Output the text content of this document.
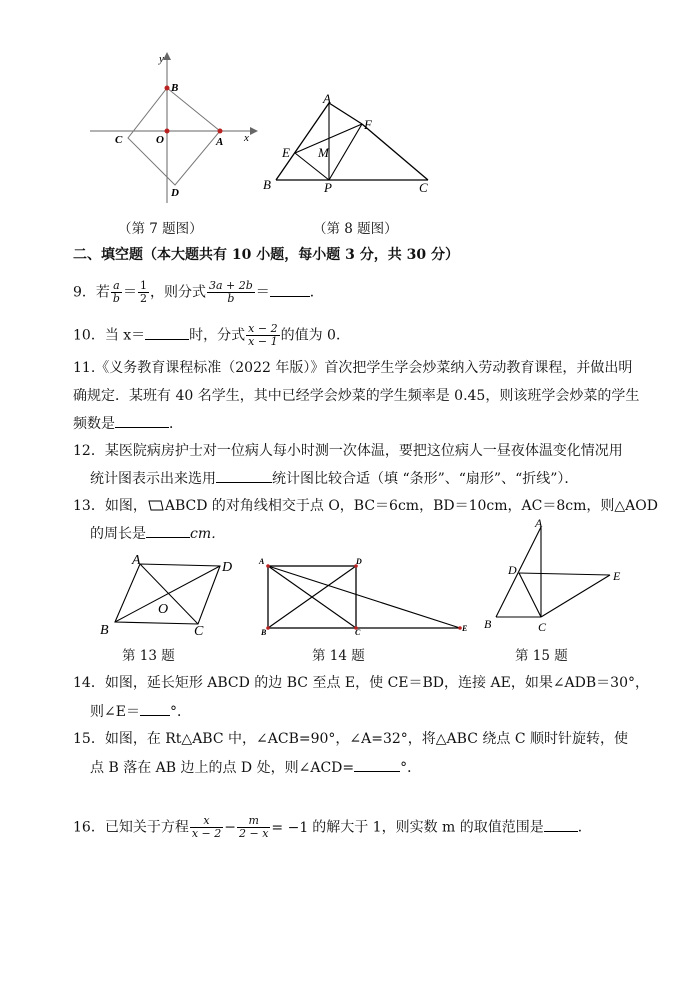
y
x
B
A
O
C
D
A
F
E M
B	P	C
（第 7 题图）	（第 8 题图）
二、填空题（本大题共有 10 小题，每小题 3 分，共 30 分）
9．若 $\frac{a}{b} = \frac{1}{2}$ ，则分式 $\frac{3a + 2b}{b}$ ＝	．
10．当 x＝	时，分式 $\frac{x - 2}{x - 1}$ 的值为 0．
11.《义务教育课程标准（2022 年版）》首次把学生学会炒菜纳入劳动教育课程，并做出明
确规定．某班有 40 名学生，其中已经学会炒菜的学生频率是 0.45，则该班学会炒菜的学生
频数是	．
12．某医院病房护士对一位病人每小时测一次体温，要把这位病人一昼夜体温变化情况用
统计图表示出来选用	统计图比较合适（填 “条形”、“扇形”、“折线”）．
13．如图， ABCD 的对角线相交于点 O，BC＝6cm，BD＝10cm，AC＝8cm，则△AOD
的周长是	cm．
A	D
O
B	C
A	D
B	C	E
A
D	E
B	C
第 13 题	第 14 题	第 15 题
14．如图，延长矩形 ABCD 的边 BC 至点 E，使 CE＝BD，连接 AE，如果∠ADB＝30°，
则∠E＝ °．
15．如图，在 Rt△ABC 中，∠ACB=90°，∠A=32°，将△ABC 绕点 C 顺时针旋转，使
点 B 落在 AB 边上的点 D 处，则∠ACD=	°．
16．已知关于方程 $\frac{x}{x - 2} - \frac{m}{2 - x} = -1$ 的解大于 1，则实数 m 的取值范围是 ．
